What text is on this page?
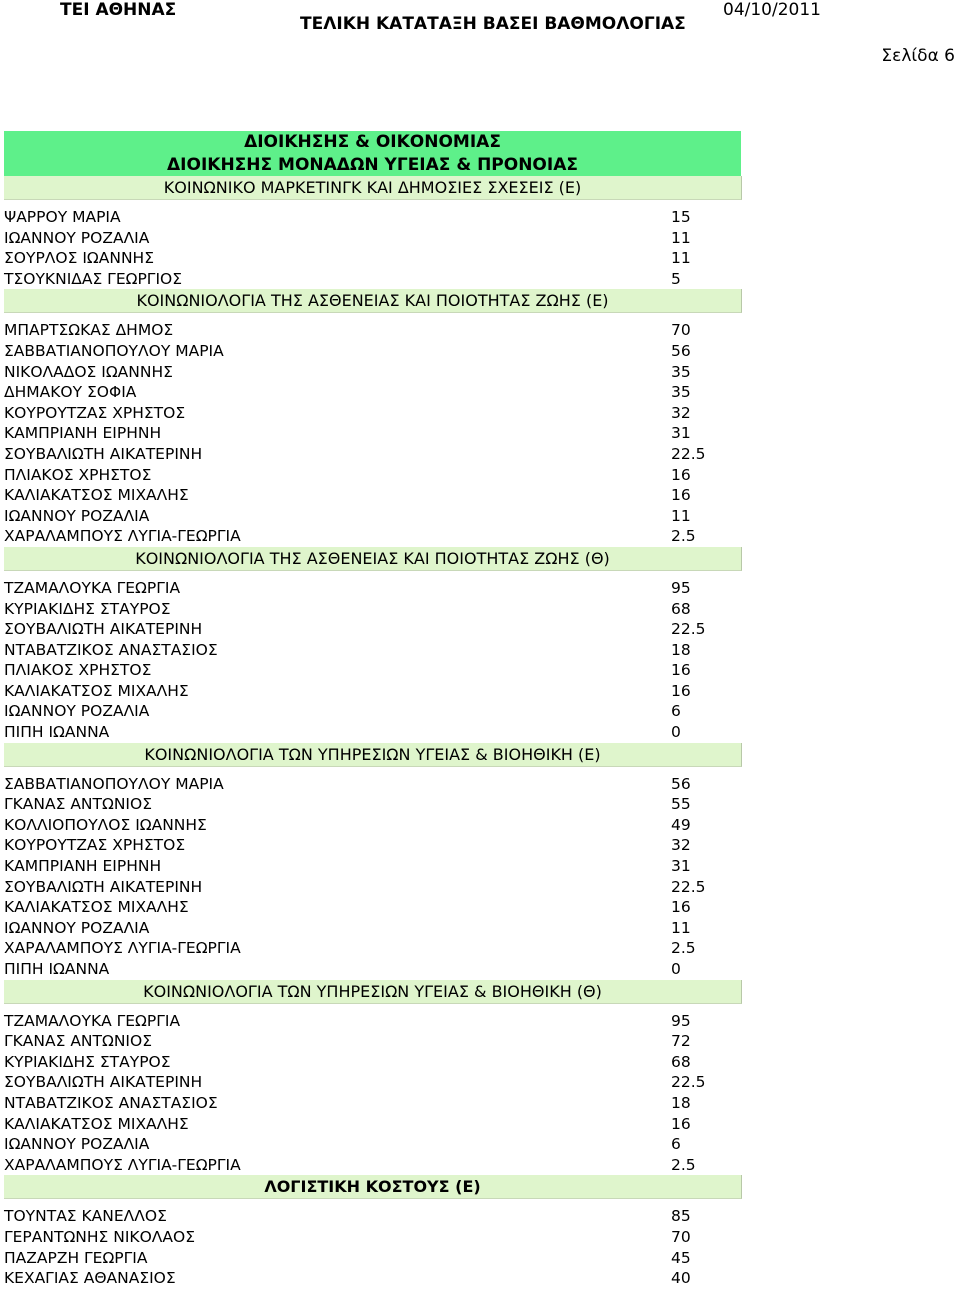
ΤΕΙ ΑΘΗΝΑΣ
ΤΕΛΙΚΗ ΚΑΤΑΤΑΞΗ ΒΑΣΕΙ ΒΑΘΜΟΛΟΓΙΑΣ
04/10/2011
Σελίδα 6
ΔΙΟΙΚΗΣΗΣ & ΟΙΚΟΝΟΜΙΑΣ
ΔΙΟΙΚΗΣΗΣ ΜΟΝΑΔΩΝ ΥΓΕΙΑΣ & ΠΡΟΝΟΙΑΣ
ΚΟΙΝΩΝΙΚΟ ΜΑΡΚΕΤΙΝΓΚ ΚΑΙ ΔΗΜΟΣΙΕΣ ΣΧΕΣΕΙΣ (Ε)
ΨΑΡΡΟΥ ΜΑΡΙΑ	15
ΙΩΑΝΝΟΥ ΡΟΖΑΛΙΑ	11
ΣΟΥΡΛΟΣ ΙΩΑΝΝΗΣ	11
ΤΣΟΥΚΝΙΔΑΣ ΓΕΩΡΓΙΟΣ	5
ΚΟΙΝΩΝΙΟΛΟΓΙΑ ΤΗΣ ΑΣΘΕΝΕΙΑΣ ΚΑΙ ΠΟΙΟΤΗΤΑΣ ΖΩΗΣ (Ε)
ΜΠΑΡΤΣΩΚΑΣ ΔΗΜΟΣ	70
ΣΑΒΒΑΤΙΑΝΟΠΟΥΛΟΥ ΜΑΡΙΑ	56
ΝΙΚΟΛΑΔΟΣ ΙΩΑΝΝΗΣ	35
ΔΗΜΑΚΟΥ ΣΟΦΙΑ	35
ΚΟΥΡΟΥΤΖΑΣ ΧΡΗΣΤΟΣ	32
ΚΑΜΠΡΙΑΝΗ ΕΙΡΗΝΗ	31
ΣΟΥΒΑΛΙΩΤΗ ΑΙΚΑΤΕΡΙΝΗ	22.5
ΠΛΙΑΚΟΣ ΧΡΗΣΤΟΣ	16
ΚΑΛΙΑΚΑΤΣΟΣ ΜΙΧΑΛΗΣ	16
ΙΩΑΝΝΟΥ ΡΟΖΑΛΙΑ	11
ΧΑΡΑΛΑΜΠΟΥΣ ΛΥΓΙΑ-ΓΕΩΡΓΙΑ	2.5
ΚΟΙΝΩΝΙΟΛΟΓΙΑ ΤΗΣ ΑΣΘΕΝΕΙΑΣ ΚΑΙ ΠΟΙΟΤΗΤΑΣ ΖΩΗΣ (Θ)
ΤΖΑΜΑΛΟΥΚΑ ΓΕΩΡΓΙΑ	95
ΚΥΡΙΑΚΙΔΗΣ ΣΤΑΥΡΟΣ	68
ΣΟΥΒΑΛΙΩΤΗ ΑΙΚΑΤΕΡΙΝΗ	22.5
ΝΤΑΒΑΤΖΙΚΟΣ ΑΝΑΣΤΑΣΙΟΣ	18
ΠΛΙΑΚΟΣ ΧΡΗΣΤΟΣ	16
ΚΑΛΙΑΚΑΤΣΟΣ ΜΙΧΑΛΗΣ	16
ΙΩΑΝΝΟΥ ΡΟΖΑΛΙΑ	6
ΠΙΠΗ ΙΩΑΝΝΑ	0
ΚΟΙΝΩΝΙΟΛΟΓΙΑ ΤΩΝ ΥΠΗΡΕΣΙΩΝ ΥΓΕΙΑΣ & ΒΙΟΗΘΙΚΗ (Ε)
ΣΑΒΒΑΤΙΑΝΟΠΟΥΛΟΥ ΜΑΡΙΑ	56
ΓΚΑΝΑΣ ΑΝΤΩΝΙΟΣ	55
ΚΟΛΛΙΟΠΟΥΛΟΣ ΙΩΑΝΝΗΣ	49
ΚΟΥΡΟΥΤΖΑΣ ΧΡΗΣΤΟΣ	32
ΚΑΜΠΡΙΑΝΗ ΕΙΡΗΝΗ	31
ΣΟΥΒΑΛΙΩΤΗ ΑΙΚΑΤΕΡΙΝΗ	22.5
ΚΑΛΙΑΚΑΤΣΟΣ ΜΙΧΑΛΗΣ	16
ΙΩΑΝΝΟΥ ΡΟΖΑΛΙΑ	11
ΧΑΡΑΛΑΜΠΟΥΣ ΛΥΓΙΑ-ΓΕΩΡΓΙΑ	2.5
ΠΙΠΗ ΙΩΑΝΝΑ	0
ΚΟΙΝΩΝΙΟΛΟΓΙΑ ΤΩΝ ΥΠΗΡΕΣΙΩΝ ΥΓΕΙΑΣ & ΒΙΟΗΘΙΚΗ (Θ)
ΤΖΑΜΑΛΟΥΚΑ ΓΕΩΡΓΙΑ	95
ΓΚΑΝΑΣ ΑΝΤΩΝΙΟΣ	72
ΚΥΡΙΑΚΙΔΗΣ ΣΤΑΥΡΟΣ	68
ΣΟΥΒΑΛΙΩΤΗ ΑΙΚΑΤΕΡΙΝΗ	22.5
ΝΤΑΒΑΤΖΙΚΟΣ ΑΝΑΣΤΑΣΙΟΣ	18
ΚΑΛΙΑΚΑΤΣΟΣ ΜΙΧΑΛΗΣ	16
ΙΩΑΝΝΟΥ ΡΟΖΑΛΙΑ	6
ΧΑΡΑΛΑΜΠΟΥΣ ΛΥΓΙΑ-ΓΕΩΡΓΙΑ	2.5
ΛΟΓΙΣΤΙΚΗ ΚΟΣΤΟΥΣ (Ε)
ΤΟΥΝΤΑΣ ΚΑΝΕΛΛΟΣ	85
ΓΕΡΑΝΤΩΝΗΣ ΝΙΚΟΛΑΟΣ	70
ΠΑΖΑΡΖΗ ΓΕΩΡΓΙΑ	45
ΚΕΧΑΓΙΑΣ ΑΘΑΝΑΣΙΟΣ	40
